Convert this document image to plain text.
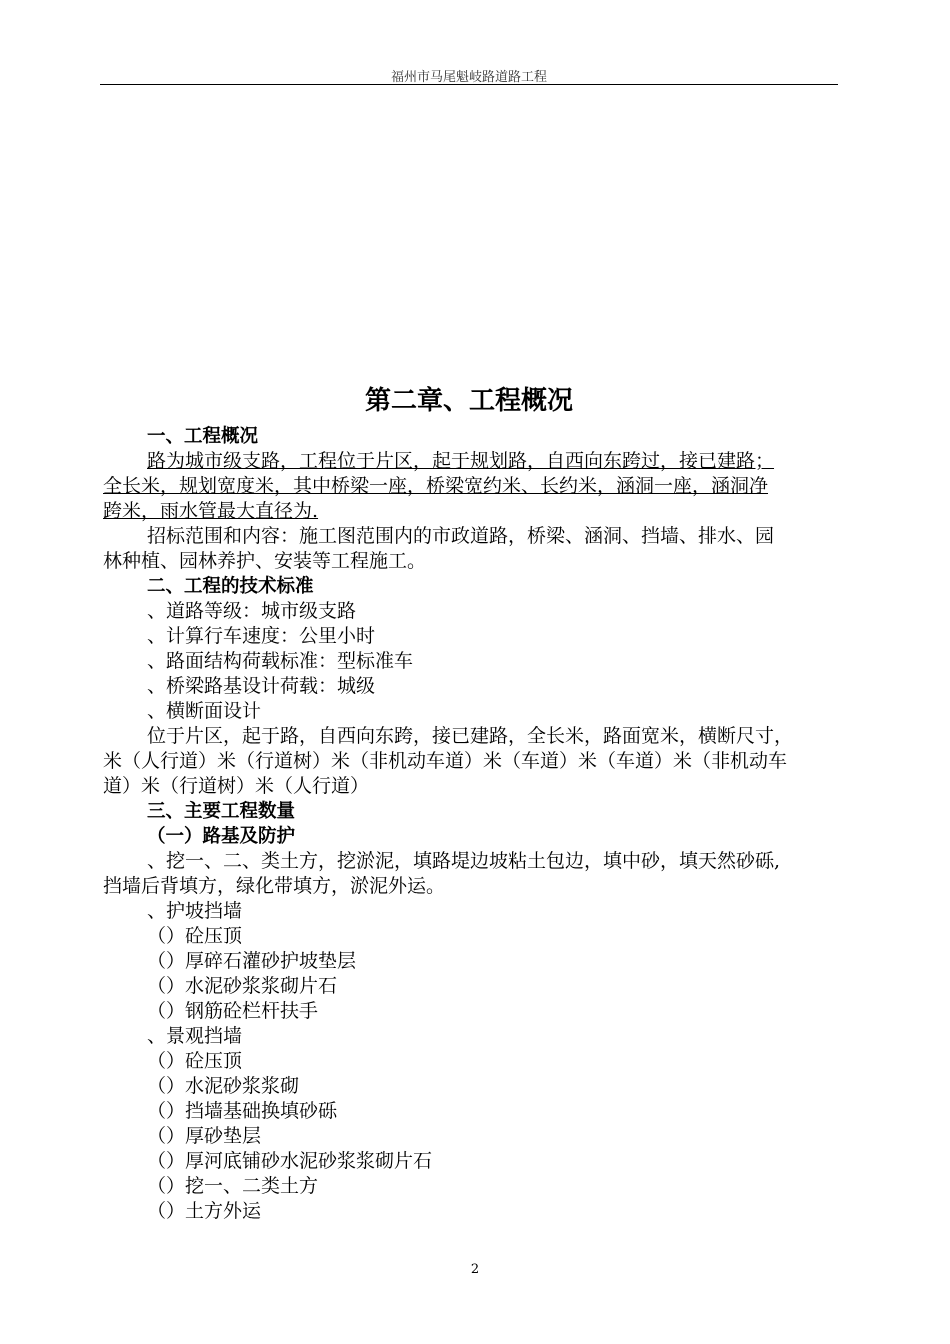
福州市马尾魁岐路道路工程
第二章、工程概况

一、工程概况

路为城市级支路，工程位于片区，起于规划路，自西向东跨过，接已建路；

全长米，规划宽度米，其中桥梁一座，桥梁宽约米、长约米，涵洞一座，涵洞净

跨米，雨水管最大直径为.

招标范围和内容：施工图范围内的市政道路，桥梁、涵洞、挡墙、排水、园

林种植、园林养护、安装等工程施工。

二、工程的技术标准

、道路等级：城市级支路

、计算行车速度：公里小时

、路面结构荷载标准：型标准车

、桥梁路基设计荷载：城级

、横断面设计

位于片区，起于路，自西向东跨，接已建路，全长米，路面宽米，横断尺寸，

米（人行道）米（行道树）米（非机动车道）米（车道）米（车道）米（非机动车

道）米（行道树）米（人行道）

三、主要工程数量

（一）路基及防护

、挖一、二、类土方，挖淤泥，填路堤边坡粘土包边，填中砂，填天然砂砾,

挡墙后背填方，绿化带填方，淤泥外运。

、护坡挡墙

（）砼压顶

（）厚碎石灌砂护坡垫层

（）水泥砂浆浆砌片石

（）钢筋砼栏杆扶手

、景观挡墙

（）砼压顶

（）水泥砂浆浆砌

（）挡墙基础换填砂砾

（）厚砂垫层

（）厚河底铺砂水泥砂浆浆砌片石

（）挖一、二类土方

（）土方外运

2
